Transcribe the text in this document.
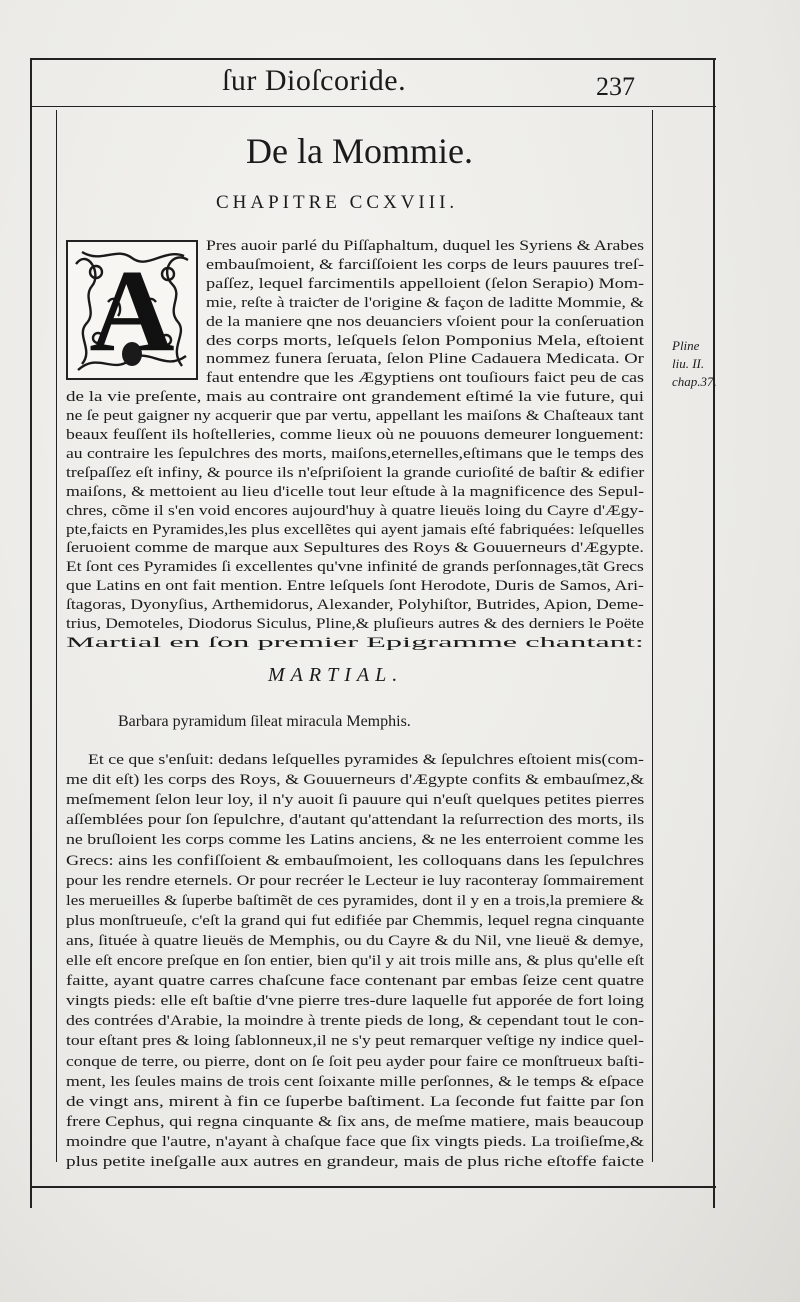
ſur Dioſcoride.	237
De la Mommie.
CHAPITRE CCXVIII.
A Pres auoir parlé du Piſſaphaltum, duquel les Syriens & Arabes
embauſmoient, & farciſſoient les corps de leurs pauures treſ-
paſſez, lequel farcimentils appelloient (ſelon Serapio) Mom-
mie, reſte à traiƈter de l'origine & façon de laditte Mommie, &
de la maniere qne nos deuanciers vſoient pour la conſeruation
des corps morts, leſquels ſelon Pomponius Mela, eſtoient
nommez funera ſeruata, ſelon Pline Cadauera Medicata. Or
faut entendre que les Ægyptiens ont touſiours faict peu de cas
de la vie preſente, mais au contraire ont grandement eſtimé la vie future, qui
ne ſe peut gaigner ny acquerir que par vertu, appellant les maiſons & Chaſteaux tant
beaux feuſſent ils hoſtelleries, comme lieux où ne pouuons demeurer longuement:
au contraire les ſepulchres des morts, maiſons,eternelles,eſtimans que le temps des
treſpaſſez eſt infiny, & pource ils n'eſpriſoient la grande curioſité de baſtir & edifier
maiſons, & mettoient au lieu d'icelle tout leur eſtude à la magnificence des Sepul-
chres, cõme il s'en void encores aujourd'huy à quatre lieuës loing du Cayre d'Ægy-
pte,faicts en Pyramides,les plus excellẽtes qui ayent jamais eſté fabriquées: leſquelles
ſeruoient comme de marque aux Sepultures des Roys & Gouuerneurs d'Ægypte.
Et ſont ces Pyramides ſi excellentes qu'vne infinité de grands perſonnages,tãt Grecs
que Latins en ont fait mention. Entre leſquels ſont Herodote, Duris de Samos, Ari-
ſtagoras, Dyonyſius, Arthemidorus, Alexander, Polyhiſtor, Butrides, Apion, Deme-
trius, Demoteles, Diodorus Siculus, Pline,& pluſieurs autres & des derniers le Poëte
Martial en ſon premier Epigramme chantant:
MARTIAL.
Barbara pyramidum ſileat miracula Memphis.
Et ce que s'enſuit: dedans leſquelles pyramides & ſepulchres eſtoient mis(com-
me dit eſt) les corps des Roys, & Gouuerneurs d'Ægypte confits & embauſmez,&
meſmement ſelon leur loy, il n'y auoit ſi pauure qui n'euſt quelques petites pierres
aſſemblées pour ſon ſepulchre, d'autant qu'attendant la reſurrection des morts, ils
ne bruſloient les corps comme les Latins anciens, & ne les enterroient comme les
Grecs: ains les confiſſoient & embauſmoient, les colloquans dans les ſepulchres
pour les rendre eternels. Or pour recréer le Lecteur ie luy raconteray ſommairement
les merueilles & ſuperbe baſtimẽt de ces pyramides, dont il y en a trois,la premiere &
plus monſtrueuſe, c'eſt la grand qui fut edifiée par Chemmis, lequel regna cinquante
ans, ſituée à quatre lieuës de Memphis, ou du Cayre & du Nil, vne lieuë & demye,
elle eſt encore preſque en ſon entier, bien qu'il y ait trois mille ans, & plus qu'elle eſt
faitte, ayant quatre carres chaſcune face contenant par embas ſeize cent quatre
vingts pieds: elle eſt baſtie d'vne pierre tres-dure laquelle fut apporée de fort loing
des contrées d'Arabie, la moindre à trente pieds de long, & cependant tout le con-
tour eſtant pres & loing ſablonneux,il ne s'y peut remarquer veſtige ny indice quel-
conque de terre, ou pierre, dont on ſe ſoit peu ayder pour faire ce monſtrueux baſti-
ment, les ſeules mains de trois cent ſoixante mille perſonnes, & le temps & eſpace
de vingt ans, mirent à fin ce ſuperbe baſtiment. La ſeconde fut faitte par ſon
frere Cephus, qui regna cinquante & ſix ans, de meſme matiere, mais beaucoup
moindre que l'autre, n'ayant à chaſque face que ſix vingts pieds. La troiſieſme,&
plus petite ineſgalle aux autres en grandeur, mais de plus riche eſtoffe faicte
Pline
liu. II.
chap.37.
